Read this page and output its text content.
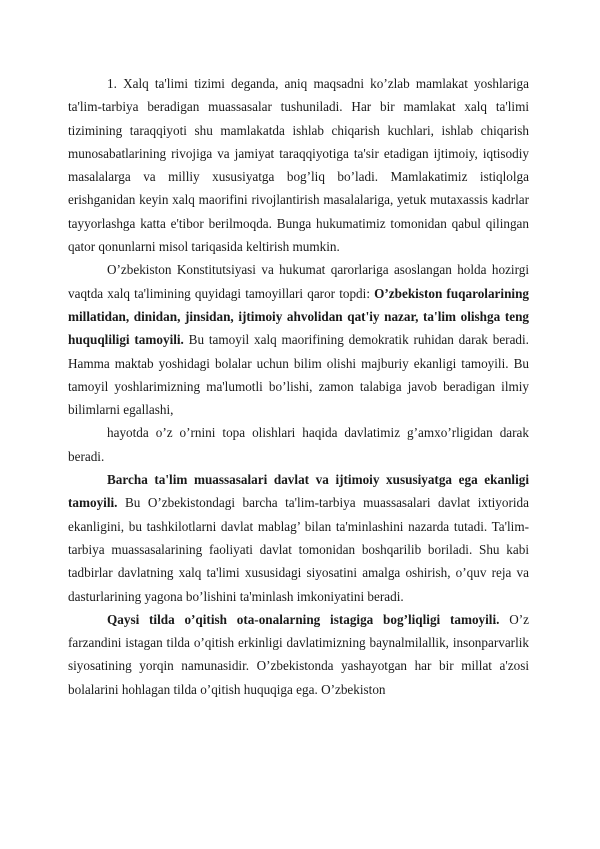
1. Xalq ta'limi tizimi deganda, aniq maqsadni ko’zlab mamlakat yoshlariga ta'lim-tarbiya beradigan muassasalar tushuniladi. Har bir mamlakat xalq ta'limi tizimining taraqqiyoti shu mamlakatda ishlab chiqarish kuchlari, ishlab chiqarish munosabatlarining rivojiga va jamiyat taraqqiyotiga ta'sir etadigan ijtimoiy, iqtisodiy masalalarga va milliy xususiyatga bog’liq bo’ladi. Mamlakatimiz istiqlolga erishganidan keyin xalq maorifini rivojlantirish masalalariga, yetuk mutaxassis kadrlar tayyorlashga katta e'tibor berilmoqda. Bunga hukumatimiz tomonidan qabul qilingan qator qonunlarni misol tariqasida keltirish mumkin.

O’zbekiston Konstitutsiyasi va hukumat qarorlariga asoslangan holda hozirgi vaqtda xalq ta'limining quyidagi tamoyillari qaror topdi: O’zbekiston fuqarolarining millatidan, dinidan, jinsidan, ijtimoiy ahvolidan qat'iy nazar, ta'lim olishga teng huquqliligi tamoyili. Bu tamoyil xalq maorifining demokratik ruhidan darak beradi. Hamma maktab yoshidagi bolalar uchun bilim olishi majburiy ekanligi tamoyili. Bu tamoyil yoshlarimizning ma'lumotli bo’lishi, zamon talabiga javob beradigan ilmiy bilimlarni egallashi,

hayotda o’z o’rnini topa olishlari haqida davlatimiz g’amxo’rligidan darak beradi.

Barcha ta'lim muassasalari davlat va ijtimoiy xususiyatga ega ekanligi tamoyili. Bu O’zbekistondagi barcha ta'lim-tarbiya muassasalari davlat ixtiyorida ekanligini, bu tashkilotlarni davlat mablag’ bilan ta'minlashini nazarda tutadi. Ta'lim-tarbiya muassasalarining faoliyati davlat tomonidan boshqarilib boriladi. Shu kabi tadbirlar davlatning xalq ta'limi xususidagi siyosatini amalga oshirish, o’quv reja va dasturlarining yagona bo’lishini ta'minlash imkoniyatini beradi.

Qaysi tilda o’qitish ota-onalarning istagiga bog’liqligi tamoyili. O’z farzandini istagan tilda o’qitish erkinligi davlatimizning baynalmilallik, insonparvarlik siyosatining yorqin namunasidir. O’zbekistonda yashayotgan har bir millat a'zosi bolalarini hohlagan tilda o’qitish huquqiga ega. O’zbekiston
